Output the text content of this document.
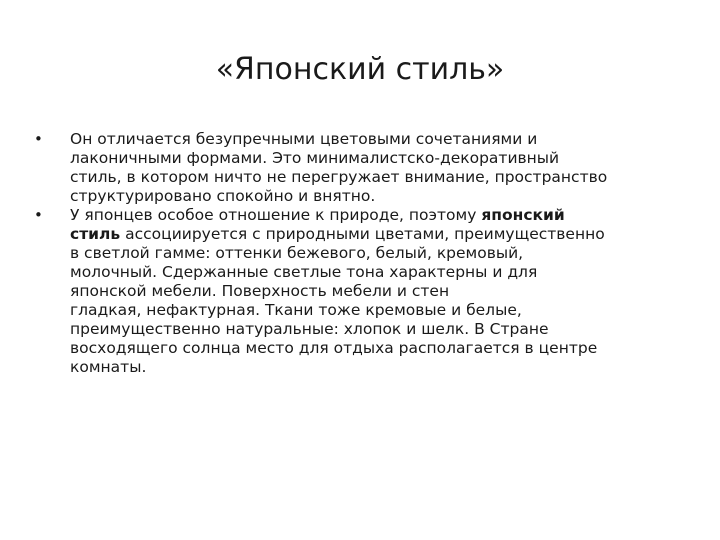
«Японский стиль»
•	Он отличается безупречными цветовыми сочетаниями и
лаконичными формами. Это минималистско-декоративный
стиль, в котором ничто не перегружает внимание, пространство
структурировано спокойно и внятно.
•	У японцев особое отношение к природе, поэтому японский
стиль ассоциируется с природными цветами, преимущественно
в светлой гамме: оттенки бежевого, белый, кремовый,
молочный. Сдержанные светлые тона характерны и для
японской мебели. Поверхность мебели и стен
гладкая, нефактурная. Ткани тоже кремовые и белые,
преимущественно натуральные: хлопок и шелк. В Стране
восходящего солнца место для отдыха располагается в центре
комнаты.
